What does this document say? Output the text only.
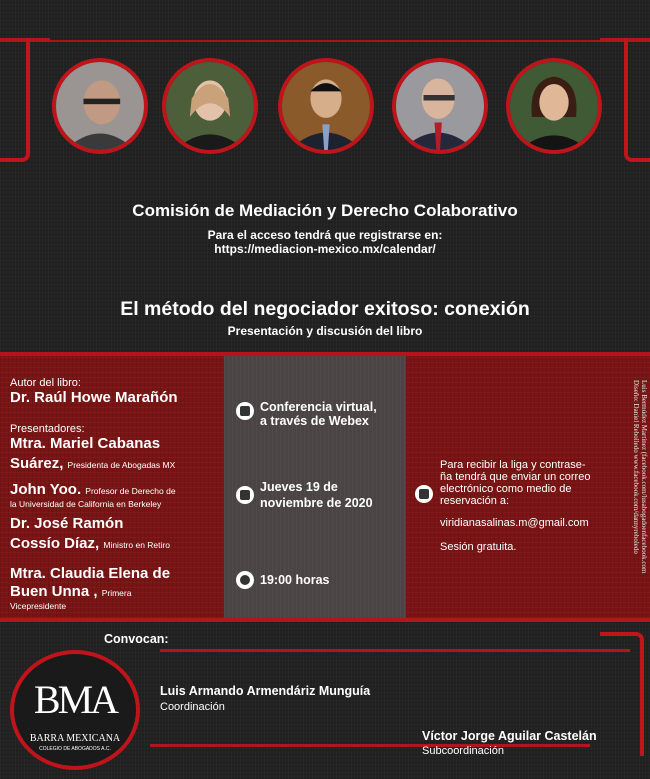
Comisión de Mediación y Derecho Colaborativo
Para el acceso tendrá que registrarse en:
https://mediacion-mexico.mx/calendar/
El método del negociador exitoso: conexión
Presentación y discusión del libro
Autor del libro:
Dr. Raúl Howe Marañón
Presentadores:
Mtra. Mariel Cabanas
Suárez, Presidenta de Abogadas MX
John Yoo. Profesor de Derecho de
la Universidad de California en Berkeley
Dr. José Ramón
Cossío Díaz, Ministro en Retiro
Mtra. Claudia Elena de
Buen Unna , Primera
Vicepresidente
Conferencia virtual,
a través de Webex
Jueves 19 de
noviembre de 2020
19:00 horas
Para recibir la liga y contrase-
ña tendrá que enviar un correo
electrónico como medio de
reservación a:
viridianasalinas.m@gmail.com
Sesión gratuita.	Diseño: Daniel Rebolledo www.facebook.com/dannyreboledo Luis Bermúdez Martínez (facebook.com/lusabogadoenfacebook.com
Convocan:
BMA
BARRA MEXICANA
COLEGIO DE ABOGADOS A.C.
Luis Armando Armendáriz Munguía
Coordinación
Víctor Jorge Aguilar Castelán
Subcoordinación
